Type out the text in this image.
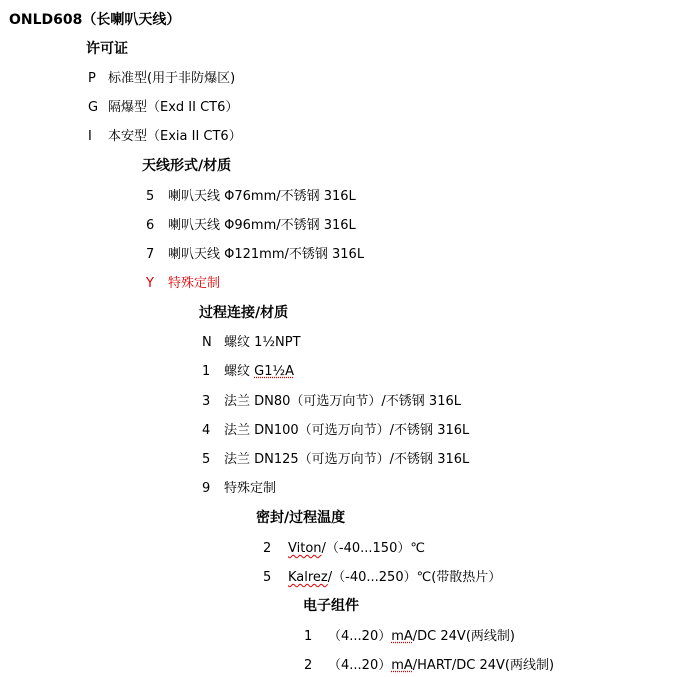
ONLD608（长喇叭天线）
许可证
P 标准型(用于非防爆区)
G 隔爆型（Exd II CT6）
I 本安型（Exia II CT6）
天线形式/材质
5 喇叭天线 Φ76mm/不锈钢 316L
6 喇叭天线 Φ96mm/不锈钢 316L
7 喇叭天线 Φ121mm/不锈钢 316L
Y 特殊定制
过程连接/材质
N 螺纹 1½NPT
1 螺纹 G1½A
3 法兰 DN80（可选万向节）/不锈钢 316L
4 法兰 DN100（可选万向节）/不锈钢 316L
5 法兰 DN125（可选万向节）/不锈钢 316L
9 特殊定制
密封/过程温度
2 Viton/（-40...150）℃
5 Kalrez/（-40...250）℃(带散热片）
电子组件
1 （4...20）mA/DC 24V(两线制)
2 （4...20）mA/HART/DC 24V(两线制)
